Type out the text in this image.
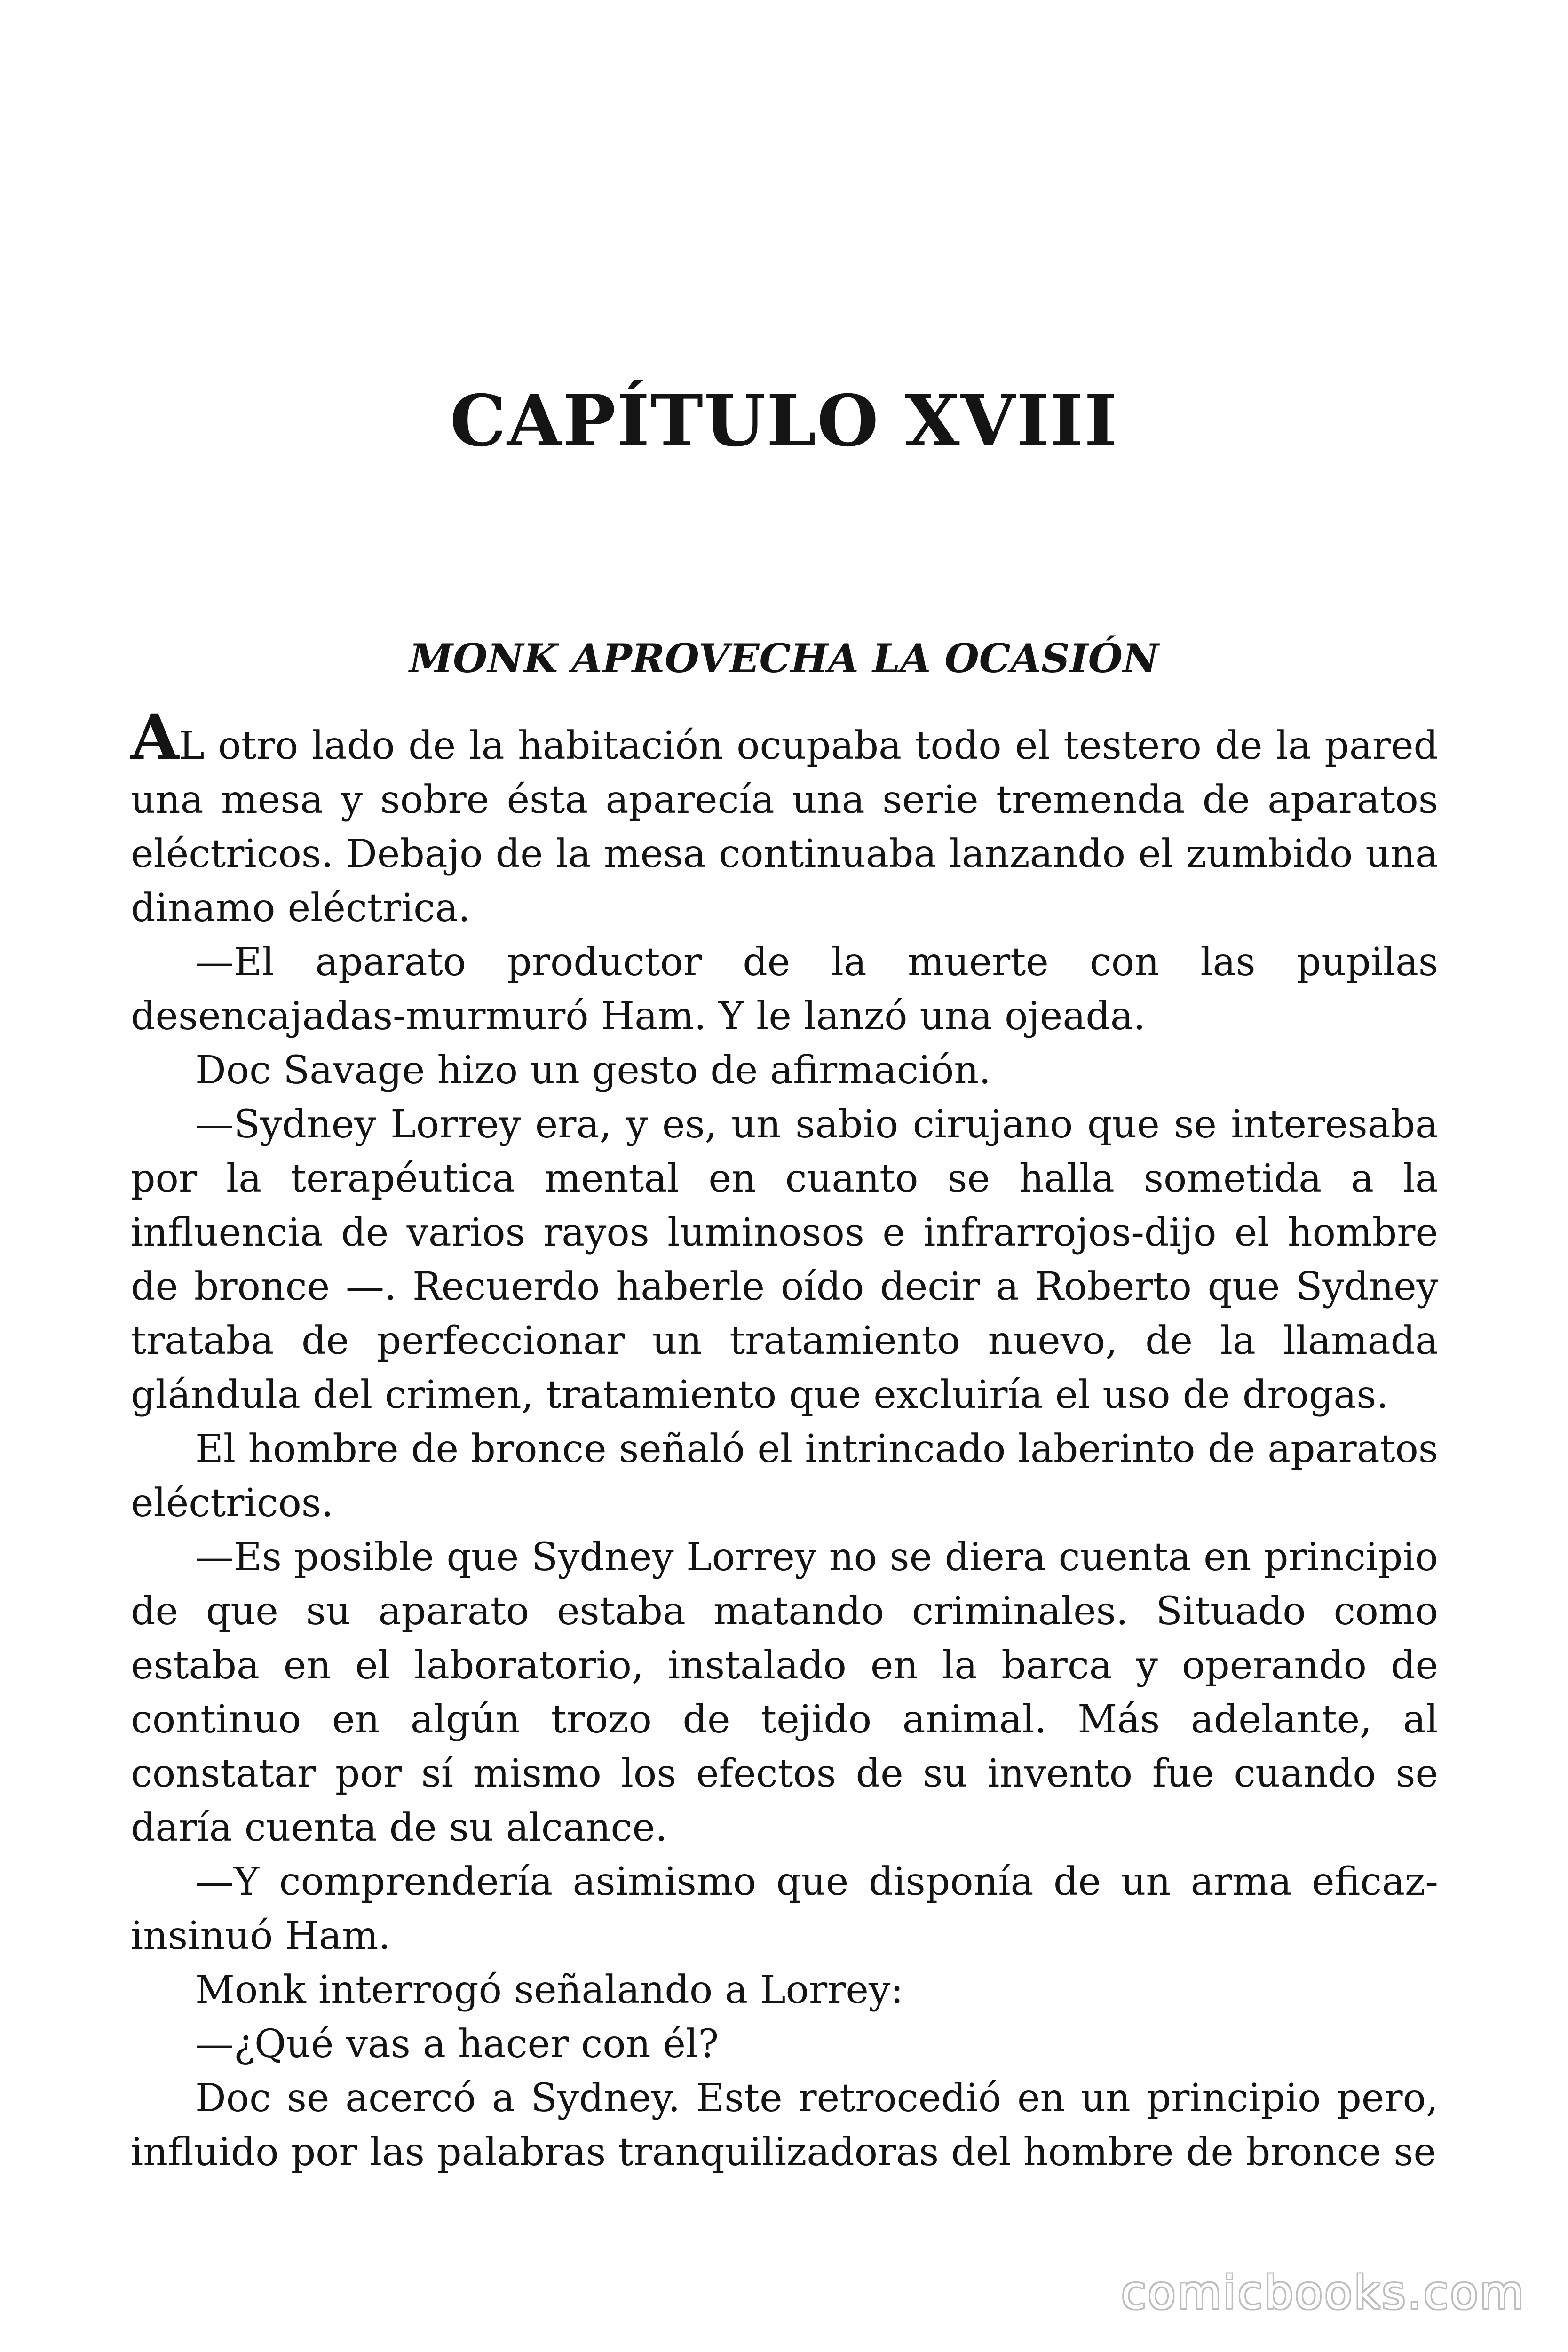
CAPÍTULO XVIII
MONK APROVECHA LA OCASIÓN

AL otro lado de la habitación ocupaba todo el testero de la pared una mesa y sobre ésta aparecía una serie tremenda de aparatos eléctricos. Debajo de la mesa continuaba lanzando el zumbido una dinamo eléctrica.

—El aparato productor de la muerte con las pupilas desencajadas-murmuró Ham. Y le lanzó una ojeada.

Doc Savage hizo un gesto de afirmación.

—Sydney Lorrey era, y es, un sabio cirujano que se interesaba por la terapéutica mental en cuanto se halla sometida a la influencia de varios rayos luminosos e infrarrojos-dijo el hombre de bronce —. Recuerdo haberle oído decir a Roberto que Sydney trataba de perfeccionar un tratamiento nuevo, de la llamada glándula del crimen, tratamiento que excluiría el uso de drogas.

El hombre de bronce señaló el intrincado laberinto de aparatos eléctricos.

—Es posible que Sydney Lorrey no se diera cuenta en principio de que su aparato estaba matando criminales. Situado como estaba en el laboratorio, instalado en la barca y operando de continuo en algún trozo de tejido animal. Más adelante, al constatar por sí mismo los efectos de su invento fue cuando se daría cuenta de su alcance.

—Y comprendería asimismo que disponía de un arma eficaz-insinuó Ham.

Monk interrogó señalando a Lorrey:

—¿Qué vas a hacer con él?

Doc se acercó a Sydney. Este retrocedió en un principio pero, influido por las palabras tranquilizadoras del hombre de bronce se

comicbooks.com
